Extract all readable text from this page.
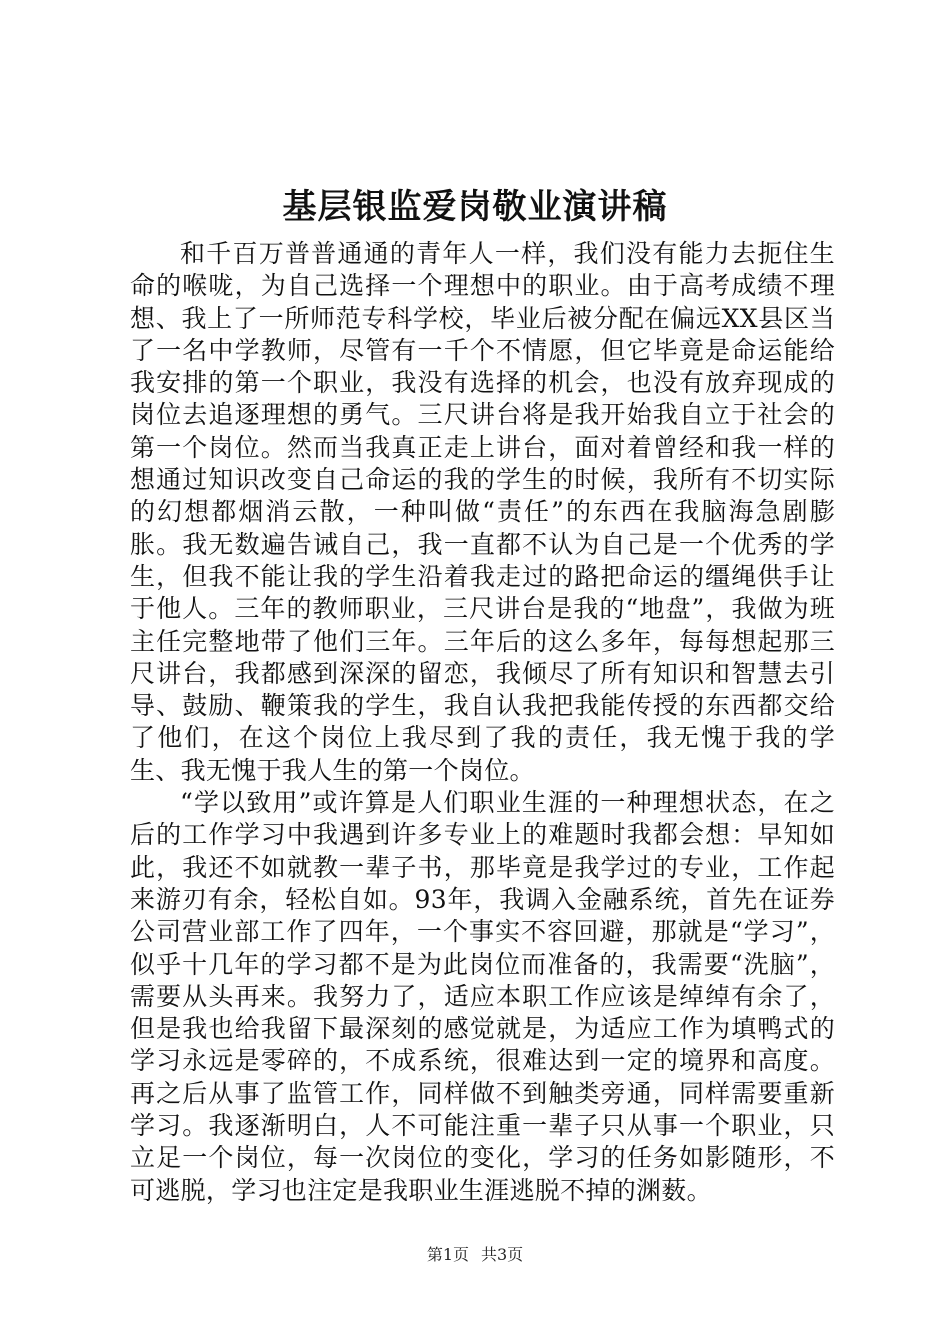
基层银监爱岗敬业演讲稿

和千百万普普通通的青年人一样，我们没有能力去扼住生命的喉咙，为自己选择一个理想中的职业。由于高考成绩不理想、我上了一所师范专科学校，毕业后被分配在偏远XX县区当了一名中学教师，尽管有一千个不情愿，但它毕竟是命运能给我安排的第一个职业，我没有选择的机会，也没有放弃现成的岗位去追逐理想的勇气。三尺讲台将是我开始我自立于社会的第一个岗位。然而当我真正走上讲台，面对着曾经和我一样的想通过知识改变自己命运的我的学生的时候，我所有不切实际的幻想都烟消云散，一种叫做“责任”的东西在我脑海急剧膨胀。我无数遍告诫自己，我一直都不认为自己是一个优秀的学生，但我不能让我的学生沿着我走过的路把命运的缰绳供手让于他人。三年的教师职业，三尺讲台是我的“地盘”，我做为班主任完整地带了他们三年。三年后的这么多年，每每想起那三尺讲台，我都感到深深的留恋，我倾尽了所有知识和智慧去引导、鼓励、鞭策我的学生，我自认我把我能传授的东西都交给了他们，在这个岗位上我尽到了我的责任，我无愧于我的学生、我无愧于我人生的第一个岗位。

“学以致用”或许算是人们职业生涯的一种理想状态，在之后的工作学习中我遇到许多专业上的难题时我都会想：早知如此，我还不如就教一辈子书，那毕竟是我学过的专业，工作起来游刃有余，轻松自如。93年，我调入金融系统，首先在证券公司营业部工作了四年，一个事实不容回避，那就是“学习”，似乎十几年的学习都不是为此岗位而准备的，我需要“洗脑”，需要从头再来。我努力了，适应本职工作应该是绰绰有余了，但是我也给我留下最深刻的感觉就是，为适应工作为填鸭式的学习永远是零碎的，不成系统，很难达到一定的境界和高度。再之后从事了监管工作，同样做不到触类旁通，同样需要重新学习。我逐渐明白，人不可能注重一辈子只从事一个职业，只立足一个岗位，每一次岗位的变化，学习的任务如影随形，不可逃脱，学习也注定是我职业生涯逃脱不掉的渊薮。

第1页 共3页
